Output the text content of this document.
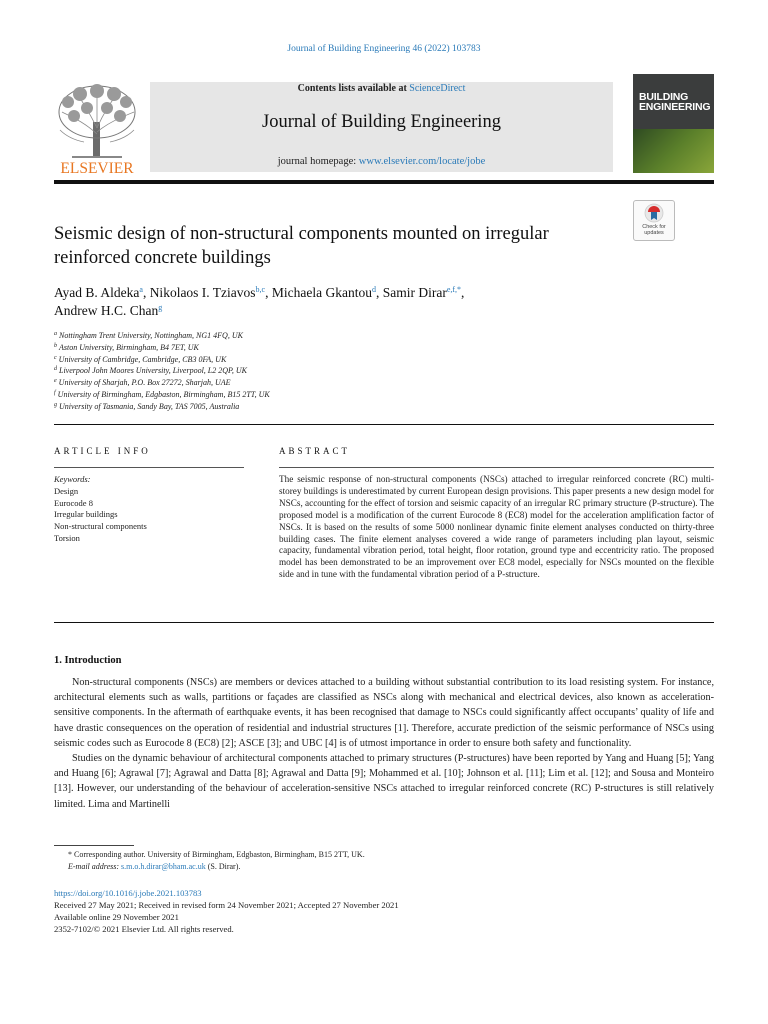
Journal of Building Engineering 46 (2022) 103783
ELSEVIER
Contents lists available at ScienceDirect
Journal of Building Engineering
journal homepage: www.elsevier.com/locate/jobe
BUILDING
ENGINEERING
Check for
updates
Seismic design of non-structural components mounted on irregular reinforced concrete buildings
Ayad B. Aldeka$^a$, Nikolaos I. Tziavos$^{b,c}$, Michaela Gkantou$^d$, Samir Dirar$^{e,f,*}$,
Andrew H.C. Chan$^g$
$^a$ Nottingham Trent University, Nottingham, NG1 4FQ, UK
$^b$ Aston University, Birmingham, B4 7ET, UK
$^c$ University of Cambridge, Cambridge, CB3 0FA, UK
$^d$ Liverpool John Moores University, Liverpool, L2 2QP, UK
$^e$ University of Sharjah, P.O. Box 27272, Sharjah, UAE
$^f$ University of Birmingham, Edgbaston, Birmingham, B15 2TT, UK
$^g$ University of Tasmania, Sandy Bay, TAS 7005, Australia
ARTICLE INFO	ABSTRACT
Keywords:
Design
Eurocode 8
Irregular buildings
Non-structural components
Torsion
The seismic response of non-structural components (NSCs) attached to irregular reinforced concrete (RC) multi-storey buildings is underestimated by current European design provisions. This paper presents a new design model for NSCs, accounting for the effect of torsion and seismic capacity of an irregular RC primary structure (P-structure). The proposed model is a modification of the current Eurocode 8 (EC8) model for the acceleration amplification factor of NSCs. It is based on the results of some 5000 nonlinear dynamic finite element analyses conducted on thirty-three building cases. The finite element analyses covered a wide range of parameters including plan layout, seismic capacity, fundamental vibration period, total height, floor rotation, ground type and eccentricity ratio. The proposed model has been demonstrated to be an improvement over EC8 model, especially for NSCs mounted on the flexible side and in tune with the fundamental vibration period of a P-structure.
1. Introduction

Non-structural components (NSCs) are members or devices attached to a building without substantial contribution to its load resisting system. For instance, architectural elements such as walls, partitions or façades are classified as NSCs along with mechanical and electrical devices, also known as acceleration-sensitive components. In the aftermath of earthquake events, it has been recognised that damage to NSCs could significantly affect occupants’ quality of life and have drastic consequences on the operation of residential and industrial structures [1]. Therefore, accurate prediction of the seismic performance of NSCs using seismic codes such as Eurocode 8 (EC8) [2]; ASCE [3]; and UBC [4] is of utmost importance in order to ensure both safety and functionality.

Studies on the dynamic behaviour of architectural components attached to primary structures (P-structures) have been reported by Yang and Huang [5]; Yang and Huang [6]; Agrawal [7]; Agrawal and Datta [8]; Agrawal and Datta [9]; Mohammed et al. [10]; Johnson et al. [11]; Lim et al. [12]; and Sousa and Monteiro [13]. However, our understanding of the behaviour of acceleration-sensitive NSCs attached to irregular reinforced concrete (RC) P-structures is still relatively limited. Lima and Martinelli

* Corresponding author. University of Birmingham, Edgbaston, Birmingham, B15 2TT, UK.
E-mail address: s.m.o.h.dirar@bham.ac.uk (S. Dirar).
https://doi.org/10.1016/j.jobe.2021.103783
Received 27 May 2021; Received in revised form 24 November 2021; Accepted 27 November 2021
Available online 29 November 2021
2352-7102/© 2021 Elsevier Ltd. All rights reserved.
